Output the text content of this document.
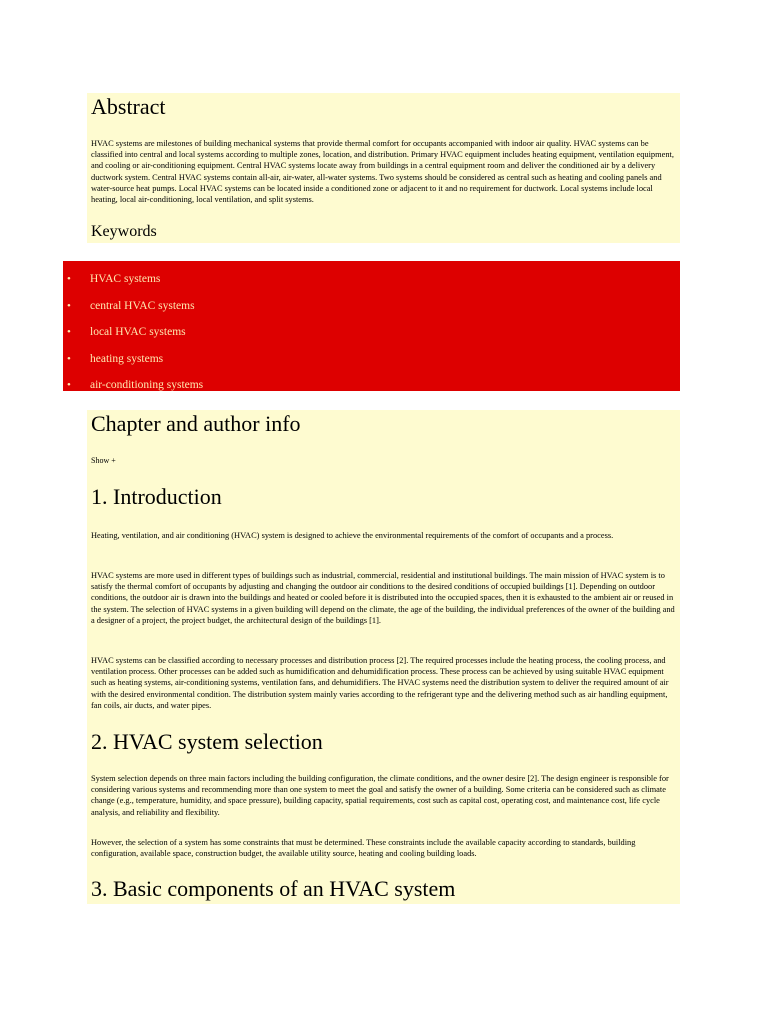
Abstract

HVAC systems are milestones of building mechanical systems that provide thermal comfort for occupants accompanied with indoor air quality. HVAC systems can be classified into central and local systems according to multiple zones, location, and distribution. Primary HVAC equipment includes heating equipment, ventilation equipment, and cooling or air-conditioning equipment. Central HVAC systems locate away from buildings in a central equipment room and deliver the conditioned air by a delivery ductwork system. Central HVAC systems contain all-air, air-water, all-water systems. Two systems should be considered as central such as heating and cooling panels and water-source heat pumps. Local HVAC systems can be located inside a conditioned zone or adjacent to it and no requirement for ductwork. Local systems include local heating, local air-conditioning, local ventilation, and split systems.

Keywords
• HVAC systems
• central HVAC systems
• local HVAC systems
• heating systems
• air-conditioning systems
Chapter and author info
Show +
1. Introduction

Heating, ventilation, and air conditioning (HVAC) system is designed to achieve the environmental requirements of the comfort of occupants and a process.

HVAC systems are more used in different types of buildings such as industrial, commercial, residential and institutional buildings. The main mission of HVAC system is to satisfy the thermal comfort of occupants by adjusting and changing the outdoor air conditions to the desired conditions of occupied buildings [1]. Depending on outdoor conditions, the outdoor air is drawn into the buildings and heated or cooled before it is distributed into the occupied spaces, then it is exhausted to the ambient air or reused in the system. The selection of HVAC systems in a given building will depend on the climate, the age of the building, the individual preferences of the owner of the building and a designer of a project, the project budget, the architectural design of the buildings [1].

HVAC systems can be classified according to necessary processes and distribution process [2]. The required processes include the heating process, the cooling process, and ventilation process. Other processes can be added such as humidification and dehumidification process. These process can be achieved by using suitable HVAC equipment such as heating systems, air-conditioning systems, ventilation fans, and dehumidifiers. The HVAC systems need the distribution system to deliver the required amount of air with the desired environmental condition. The distribution system mainly varies according to the refrigerant type and the delivering method such as air handling equipment, fan coils, air ducts, and water pipes.

2. HVAC system selection

System selection depends on three main factors including the building configuration, the climate conditions, and the owner desire [2]. The design engineer is responsible for considering various systems and recommending more than one system to meet the goal and satisfy the owner of a building. Some criteria can be considered such as climate change (e.g., temperature, humidity, and space pressure), building capacity, spatial requirements, cost such as capital cost, operating cost, and maintenance cost, life cycle analysis, and reliability and flexibility.

However, the selection of a system has some constraints that must be determined. These constraints include the available capacity according to standards, building configuration, available space, construction budget, the available utility source, heating and cooling building loads.

3. Basic components of an HVAC system
